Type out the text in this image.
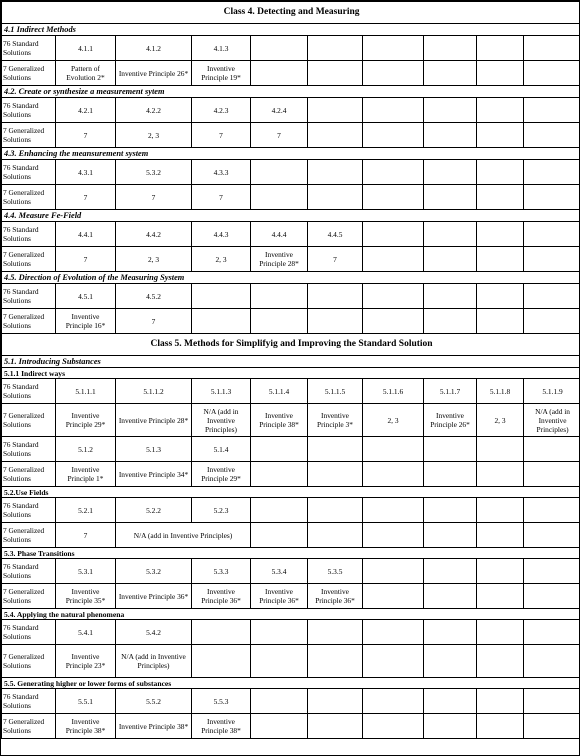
Class 4. Detecting and Measuring									
4.1 Indirect Methods									
76 Standard Solutions	4.1.1	4.1.2	4.1.3						
7 Generalized Solutions	Pattern of Evolution 2*	Inventive Principle 26*	Inventive Principle 19*						
4.2. Create or synthesize a measurement sytem									
76 Standard Solutions	4.2.1	4.2.2	4.2.3	4.2.4					
7 Generalized Solutions	7	2, 3	7	7					
4.3. Enhancing the meansurement system									
76 Standard Solutions	4.3.1	5.3.2	4.3.3						
7 Generalized Solutions	7	7	7						
4.4. Measure Fe-Field									
76 Standard Solutions	4.4.1	4.4.2	4.4.3	4.4.4	4.4.5				
7 Generalized Solutions	7	2, 3	2, 3	Inventive Principle 28*	7				
4.5. Direction of Evolution of the Measuring System									
76 Standard Solutions	4.5.1	4.5.2							
7 Generalized Solutions	Inventive Principle 16*	7							
Class 5. Methods for Simplifyig and Improving the Standard Solution									
5.1. Introducing Substances									
5.1.1 Indirect ways									
76 Standard Solutions	5.1.1.1	5.1.1.2	5.1.1.3	5.1.1.4	5.1.1.5	5.1.1.6	5.1.1.7	5.1.1.8	5.1.1.9
7 Generalized Solutions	Inventive Principle 29*	Inventive Principle 28*	N/A (add in Inventive Principles)	Inventive Principle 38*	Inventive Principle 3*	2, 3	Inventive Principle 26*	2, 3	N/A (add in Inventive Principles)
76 Standard Solutions	5.1.2	5.1.3	5.1.4						
7 Generalized Solutions	Inventive Principle 1*	Inventive Principle 34*	Inventive Principle 29*						
5.2.Use Fields									
76 Standard Solutions	5.2.1	5.2.2	5.2.3						
7 Generalized Solutions	7	N/A (add in Inventive Principles)							
5.3. Phase Transitions									
76 Standard Solutions	5.3.1	5.3.2	5.3.3	5.3.4	5.3.5				
7 Generalized Solutions	Inventive Principle 35*	Inventive Principle 36*	Inventive Principle 36*	Inventive Principle 36*	Inventive Principle 36*				
5.4. Applying the natural phenomena									
76 Standard Solutions	5.4.1	5.4.2							
7 Generalized Solutions	Inventive Principle 23*	N/A (add in Inventive Principles)							
5.5. Generating higher or lower forms of substances									
76 Standard Solutions	5.5.1	5.5.2	5.5.3						
7 Generalized Solutions	Inventive Principle 38*	Inventive Principle 38*	Inventive Principle 38*						
